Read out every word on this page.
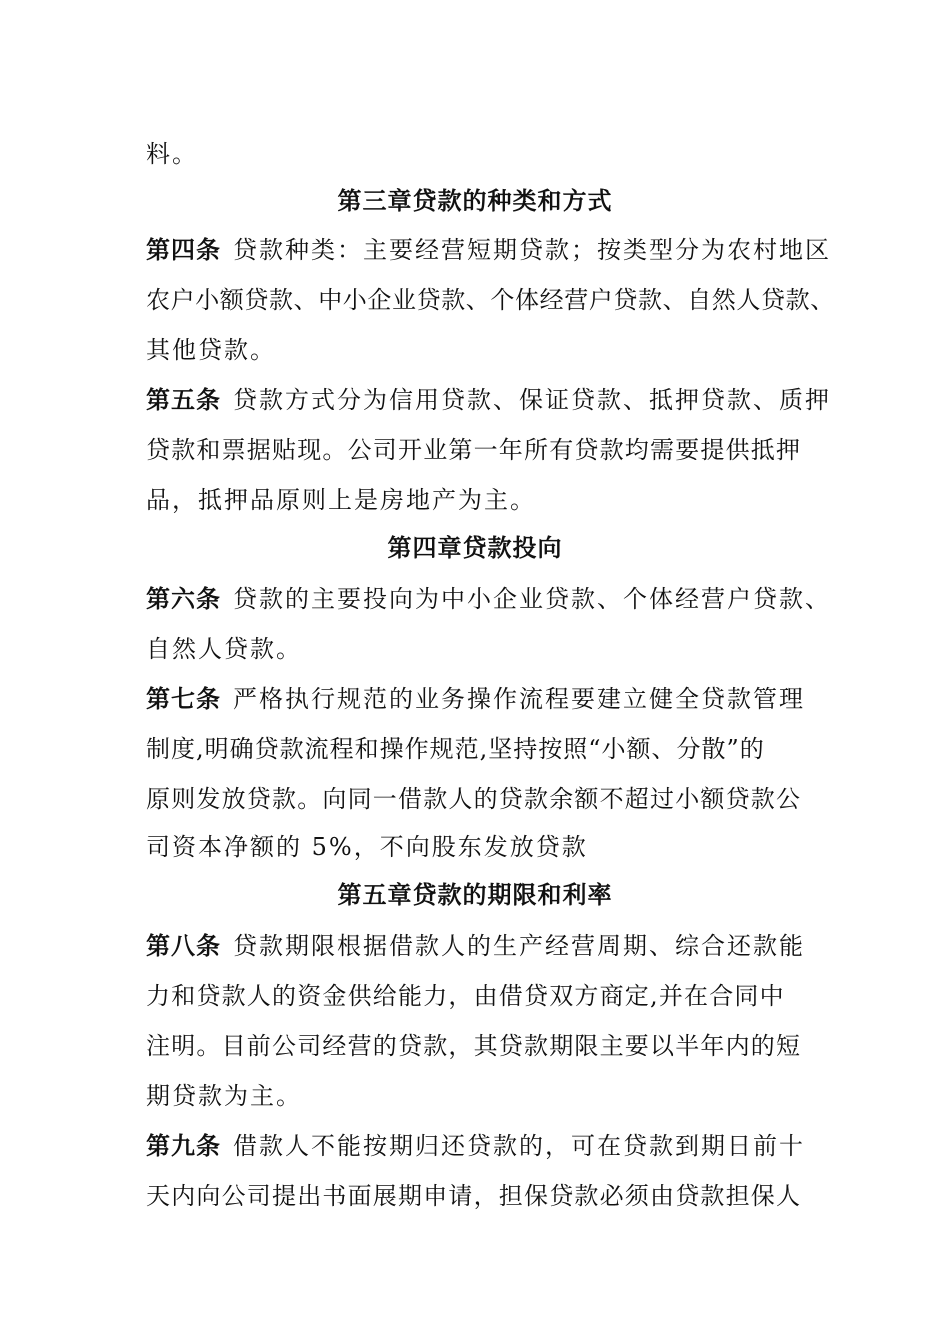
料。
第三章贷款的种类和方式
第四条 贷款种类：主要经营短期贷款；按类型分为农村地区
农户小额贷款、中小企业贷款、个体经营户贷款、自然人贷款、
其他贷款。
第五条 贷款方式分为信用贷款、保证贷款、抵押贷款、质押
贷款和票据贴现。公司开业第一年所有贷款均需要提供抵押
品，抵押品原则上是房地产为主。
第四章贷款投向
第六条 贷款的主要投向为中小企业贷款、个体经营户贷款、
自然人贷款。
第七条 严格执行规范的业务操作流程要建立健全贷款管理
制度,明确贷款流程和操作规范,坚持按照“小额、分散”的
原则发放贷款。向同一借款人的贷款余额不超过小额贷款公
司资本净额的 5%，不向股东发放贷款
第五章贷款的期限和利率
第八条 贷款期限根据借款人的生产经营周期、综合还款能
力和贷款人的资金供给能力，由借贷双方商定,并在合同中
注明。目前公司经营的贷款，其贷款期限主要以半年内的短
期贷款为主。
第九条 借款人不能按期归还贷款的，可在贷款到期日前十
天内向公司提出书面展期申请，担保贷款必须由贷款担保人
